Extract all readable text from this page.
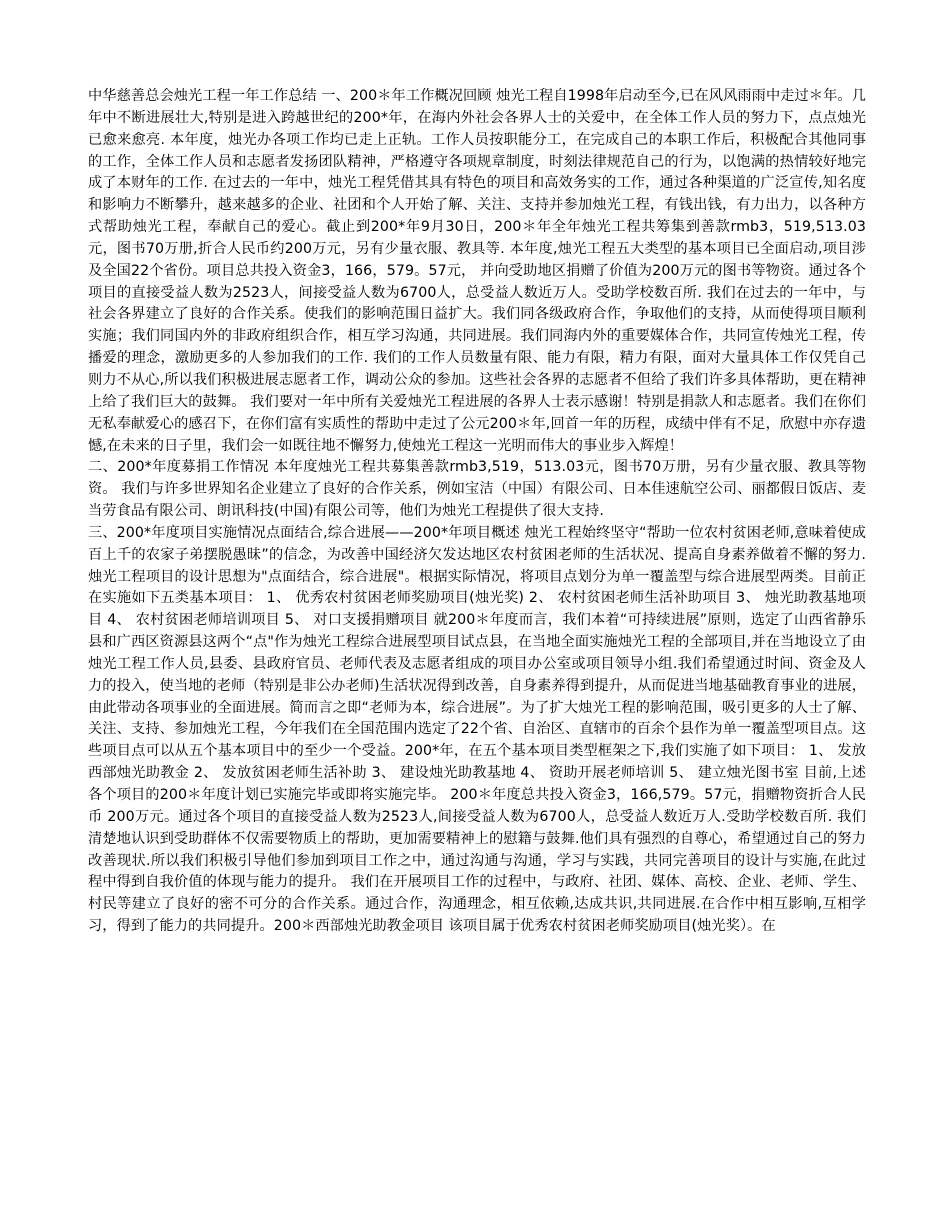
中华慈善总会烛光工程一年工作总结 一、200＊年工作概况回顾 烛光工程自1998年启动至今,已在风风雨雨中走过＊年。几年中不断进展壮大,特别是进入跨越世纪的200*年，在海内外社会各界人士的关爱中，在全体工作人员的努力下，点点烛光已愈来愈亮. 本年度，烛光办各项工作均已走上正轨。工作人员按职能分工，在完成自己的本职工作后，积极配合其他同事的工作，全体工作人员和志愿者发扬团队精神，严格遵守各项规章制度，时刻法律规范自己的行为，以饱满的热情较好地完成了本财年的工作. 在过去的一年中，烛光工程凭借其具有特色的项目和高效务实的工作，通过各种渠道的广泛宣传,知名度和影响力不断攀升，越来越多的企业、社团和个人开始了解、关注、支持并参加烛光工程，有钱出钱，有力出力，以各种方式帮助烛光工程，奉献自己的爱心。截止到200*年9月30日，200＊年全年烛光工程共筹集到善款rmb3，519,513.03元，图书70万册,折合人民币约200万元，另有少量衣服、教具等. 本年度,烛光工程五大类型的基本项目已全面启动,项目涉及全国22个省份。项目总共投入资金3，166，579。57元， 并向受助地区捐赠了价值为200万元的图书等物资。通过各个项目的直接受益人数为2523人，间接受益人数为6700人，总受益人数近万人。受助学校数百所. 我们在过去的一年中，与社会各界建立了良好的合作关系。使我们的影响范围日益扩大。我们同各级政府合作，争取他们的支持，从而使得项目顺利实施；我们同国内外的非政府组织合作，相互学习沟通，共同进展。我们同海内外的重要媒体合作，共同宣传烛光工程，传播爱的理念，激励更多的人参加我们的工作. 我们的工作人员数量有限、能力有限，精力有限，面对大量具体工作仅凭自己则力不从心,所以我们积极进展志愿者工作，调动公众的参加。这些社会各界的志愿者不但给了我们许多具体帮助，更在精神上给了我们巨大的鼓舞。 我们要对一年中所有关爱烛光工程进展的各界人士表示感谢！特别是捐款人和志愿者。我们在你们无私奉献爱心的感召下，在你们富有实质性的帮助中走过了公元200＊年,回首一年的历程，成绩中伴有不足，欣慰中亦存遗憾,在未来的日子里，我们会一如既往地不懈努力,使烛光工程这一光明而伟大的事业步入辉煌！

二、200*年度募捐工作情况 本年度烛光工程共募集善款rmb3,519，513.03元，图书70万册，另有少量衣服、教具等物资。 我们与许多世界知名企业建立了良好的合作关系，例如宝洁（中国）有限公司、日本佳速航空公司、丽都假日饭店、麦当劳食品有限公司、朗讯科技(中国)有限公司等，他们为烛光工程提供了很大支持.

三、200*年度项目实施情况点面结合,综合进展——200*年项目概述 烛光工程始终坚守“帮助一位农村贫困老师,意味着使成百上千的农家子弟摆脱愚昧”的信念，为改善中国经济欠发达地区农村贫困老师的生活状况、提高自身素养做着不懈的努力.烛光工程项目的设计思想为"点面结合，综合进展"。根据实际情况，将项目点划分为单一覆盖型与综合进展型两类。目前正在实施如下五类基本项目： 1、 优秀农村贫困老师奖励项目(烛光奖) 2、 农村贫困老师生活补助项目 3、 烛光助教基地项目 4、 农村贫困老师培训项目 5、 对口支援捐赠项目 就200＊年度而言，我们本着“可持续进展”原则，选定了山西省静乐县和广西区资源县这两个“点"作为烛光工程综合进展型项目试点县，在当地全面实施烛光工程的全部项目,并在当地设立了由烛光工程工作人员,县委、县政府官员、老师代表及志愿者组成的项目办公室或项目领导小组.我们希望通过时间、资金及人力的投入，使当地的老师（特别是非公办老师)生活状况得到改善，自身素养得到提升，从而促进当地基础教育事业的进展，由此带动各项事业的全面进展。简而言之即“老师为本，综合进展”。为了扩大烛光工程的影响范围，吸引更多的人士了解、关注、支持、参加烛光工程，今年我们在全国范围内选定了22个省、自治区、直辖市的百余个县作为单一覆盖型项目点。这些项目点可以从五个基本项目中的至少一个受益。200*年，在五个基本项目类型框架之下,我们实施了如下项目： 1、 发放西部烛光助教金 2、 发放贫困老师生活补助 3、 建设烛光助教基地 4、 资助开展老师培训 5、 建立烛光图书室 目前,上述各个项目的200＊年度计划已实施完毕或即将实施完毕。 200＊年度总共投入资金3，166,579。57元，捐赠物资折合人民币 200万元。通过各个项目的直接受益人数为2523人,间接受益人数为6700人，总受益人数近万人.受助学校数百所. 我们清楚地认识到受助群体不仅需要物质上的帮助，更加需要精神上的慰籍与鼓舞.他们具有强烈的自尊心，希望通过自己的努力改善现状.所以我们积极引导他们参加到项目工作之中，通过沟通与沟通，学习与实践，共同完善项目的设计与实施,在此过程中得到自我价值的体现与能力的提升。 我们在开展项目工作的过程中，与政府、社团、媒体、高校、企业、老师、学生、村民等建立了良好的密不可分的合作关系。通过合作，沟通理念，相互依赖,达成共识,共同进展.在合作中相互影响,互相学习，得到了能力的共同提升。200＊西部烛光助教金项目 该项目属于优秀农村贫困老师奖励项目(烛光奖）。在
